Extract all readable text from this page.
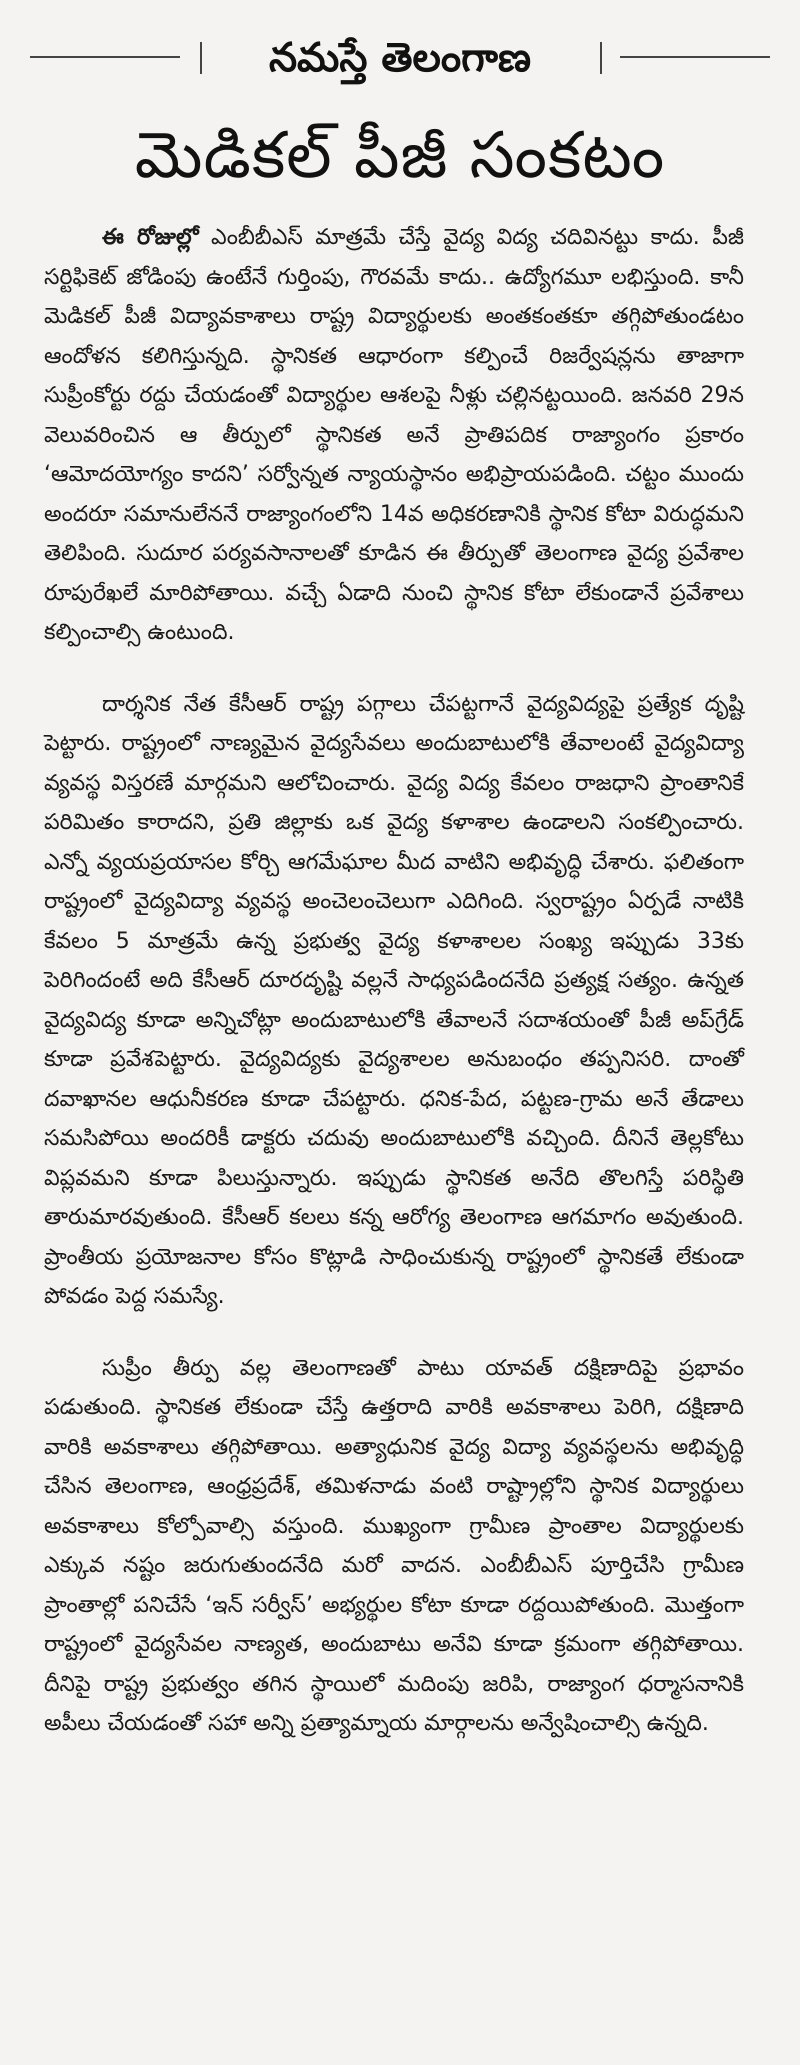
నమస్తే తెలంగాణ
మెడికల్ పీజీ సంకటం

ఈ రోజుల్లో ఎంబీబీఎస్ మాత్రమే చేస్తే వైద్య విద్య చదివినట్టు కాదు. పీజీ సర్టిఫికెట్ జోడింపు ఉంటేనే గుర్తింపు, గౌరవమే కాదు.. ఉద్యోగమూ లభిస్తుంది. కానీ మెడికల్ పీజీ విద్యావకాశాలు రాష్ట్ర విద్యార్థులకు అంతకంతకూ తగ్గిపోతుండటం ఆందోళన కలిగిస్తున్నది. స్థానికత ఆధారంగా కల్పించే రిజర్వేషన్లను తాజాగా సుప్రీంకోర్టు రద్దు చేయడంతో విద్యార్థుల ఆశలపై నీళ్లు చల్లినట్టయింది. జనవరి 29న వెలువరించిన ఆ తీర్పులో స్థానికత అనే ప్రాతిపదిక రాజ్యాంగం ప్రకారం ‘ఆమోదయోగ్యం కాదని’ సర్వోన్నత న్యాయస్థానం అభిప్రాయపడింది. చట్టం ముందు అందరూ సమానులేననే రాజ్యాంగంలోని 14వ అధికరణానికి స్థానిక కోటా విరుద్ధమని తెలిపింది. సుదూర పర్యవసానాలతో కూడిన ఈ తీర్పుతో తెలంగాణ వైద్య ప్రవేశాల రూపురేఖలే మారిపోతాయి. వచ్చే ఏడాది నుంచి స్థానిక కోటా లేకుండానే ప్రవేశాలు కల్పించాల్సి ఉంటుంది.

దార్శనిక నేత కేసీఆర్ రాష్ట్ర పగ్గాలు చేపట్టగానే వైద్యవిద్యపై ప్రత్యేక దృష్టి పెట్టారు. రాష్ట్రంలో నాణ్యమైన వైద్యసేవలు అందుబాటులోకి తేవాలంటే వైద్యవిద్యా వ్యవస్థ విస్తరణే మార్గమని ఆలోచించారు. వైద్య విద్య కేవలం రాజధాని ప్రాంతానికే పరిమితం కారాదని, ప్రతి జిల్లాకు ఒక వైద్య కళాశాల ఉండాలని సంకల్పించారు. ఎన్నో వ్యయప్రయాసల కోర్చి ఆగమేఘాల మీద వాటిని అభివృద్ధి చేశారు. ఫలితంగా రాష్ట్రంలో వైద్యవిద్యా వ్యవస్థ అంచెలంచెలుగా ఎదిగింది. స్వరాష్ట్రం ఏర్పడే నాటికి కేవలం 5 మాత్రమే ఉన్న ప్రభుత్వ వైద్య కళాశాలల సంఖ్య ఇప్పుడు 33కు పెరిగిందంటే అది కేసీఆర్ దూరదృష్టి వల్లనే సాధ్యపడిందనేది ప్రత్యక్ష సత్యం. ఉన్నత వైద్యవిద్య కూడా అన్నిచోట్లా అందుబాటులోకి తేవాలనే సదాశయంతో పీజీ అప్‌గ్రేడ్ కూడా ప్రవేశపెట్టారు. వైద్యవిద్యకు వైద్యశాలల అనుబంధం తప్పనిసరి. దాంతో దవాఖానల ఆధునీకరణ కూడా చేపట్టారు. ధనిక-పేద, పట్టణ-గ్రామ అనే తేడాలు సమసిపోయి అందరికీ డాక్టరు చదువు అందుబాటులోకి వచ్చింది. దీనినే తెల్లకోటు విప్లవమని కూడా పిలుస్తున్నారు. ఇప్పుడు స్థానికత అనేది తొలగిస్తే పరిస్థితి తారుమారవుతుంది. కేసీఆర్ కలలు కన్న ఆరోగ్య తెలంగాణ ఆగమాగం అవుతుంది. ప్రాంతీయ ప్రయోజనాల కోసం కొట్లాడి సాధించుకున్న రాష్ట్రంలో స్థానికతే లేకుండా పోవడం పెద్ద సమస్యే.

సుప్రీం తీర్పు వల్ల తెలంగాణతో పాటు యావత్ దక్షిణాదిపై ప్రభావం పడుతుంది. స్థానికత లేకుండా చేస్తే ఉత్తరాది వారికి అవకాశాలు పెరిగి, దక్షిణాది వారికి అవకాశాలు తగ్గిపోతాయి. అత్యాధునిక వైద్య విద్యా వ్యవస్థలను అభివృద్ధి చేసిన తెలంగాణ, ఆంధ్రప్రదేశ్, తమిళనాడు వంటి రాష్ట్రాల్లోని స్థానిక విద్యార్థులు అవకాశాలు కోల్పోవాల్సి వస్తుంది. ముఖ్యంగా గ్రామీణ ప్రాంతాల విద్యార్థులకు ఎక్కువ నష్టం జరుగుతుందనేది మరో వాదన. ఎంబీబీఎస్ పూర్తిచేసి గ్రామీణ ప్రాంతాల్లో పనిచేసే ‘ఇన్ సర్వీస్’ అభ్యర్థుల కోటా కూడా రద్దయిపోతుంది. మొత్తంగా రాష్ట్రంలో వైద్యసేవల నాణ్యత, అందుబాటు అనేవి కూడా క్రమంగా తగ్గిపోతాయి. దీనిపై రాష్ట్ర ప్రభుత్వం తగిన స్థాయిలో మదింపు జరిపి, రాజ్యాంగ ధర్మాసనానికి అపీలు చేయడంతో సహా అన్ని ప్రత్యామ్నాయ మార్గాలను అన్వేషించాల్సి ఉన్నది.
